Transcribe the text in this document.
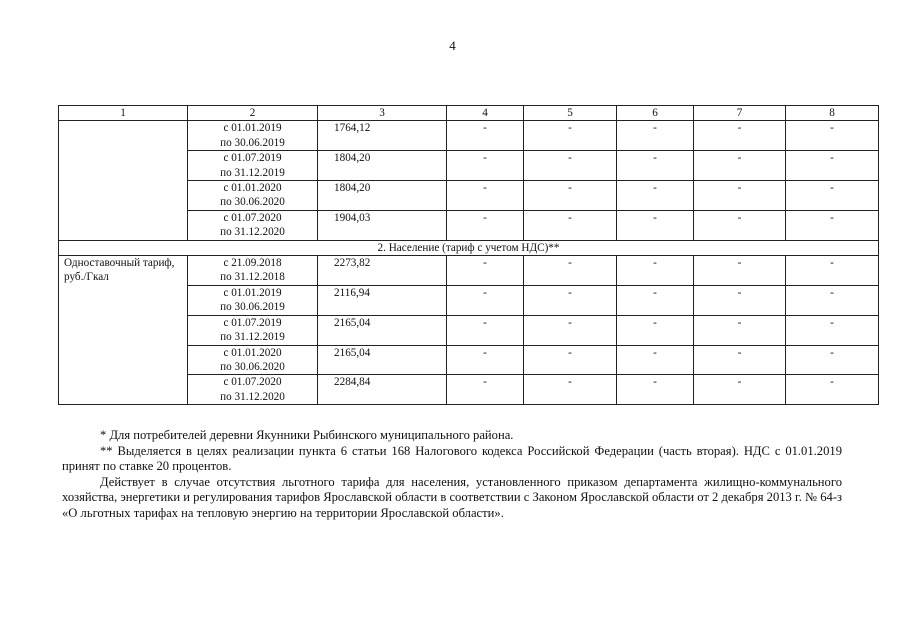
4
1	2	3	4	5	6	7	8

	с 01.01.2019
по 30.06.2019	1764,12	-	-	-	-	-

	с 01.07.2019
по 31.12.2019	1804,20	-	-	-	-	-

	с 01.01.2020
по 30.06.2020	1804,20	-	-	-	-	-

	с 01.07.2020
по 31.12.2020	1904,03	-	-	-	-	-
2. Население (тариф с учетом НДС)**							
Одноставочный тариф, руб./Гкал	с 21.09.2018
по 31.12.2018	2273,82	-	-	-	-	-

	с 01.01.2019
по 30.06.2019	2116,94	-	-	-	-	-

	с 01.07.2019
по 31.12.2019	2165,04	-	-	-	-	-

	с 01.01.2020
по 30.06.2020	2165,04	-	-	-	-	-

	с 01.07.2020
по 31.12.2020	2284,84	-	-	-	-	-

* Для потребителей деревни Якунники Рыбинского муниципального района.

** Выделяется в целях реализации пункта 6 статьи 168 Налогового кодекса Российской Федерации (часть вторая). НДС с 01.01.2019 принят по ставке 20 процентов.

Действует в случае отсутствия льготного тарифа для населения, установленного приказом департамента жилищно-коммунального хозяйства, энергетики и регулирования тарифов Ярославской области в соответствии с Законом Ярославской области от 2 декабря 2013 г. № 64-з «О льготных тарифах на тепловую энергию на территории Ярославской области».
